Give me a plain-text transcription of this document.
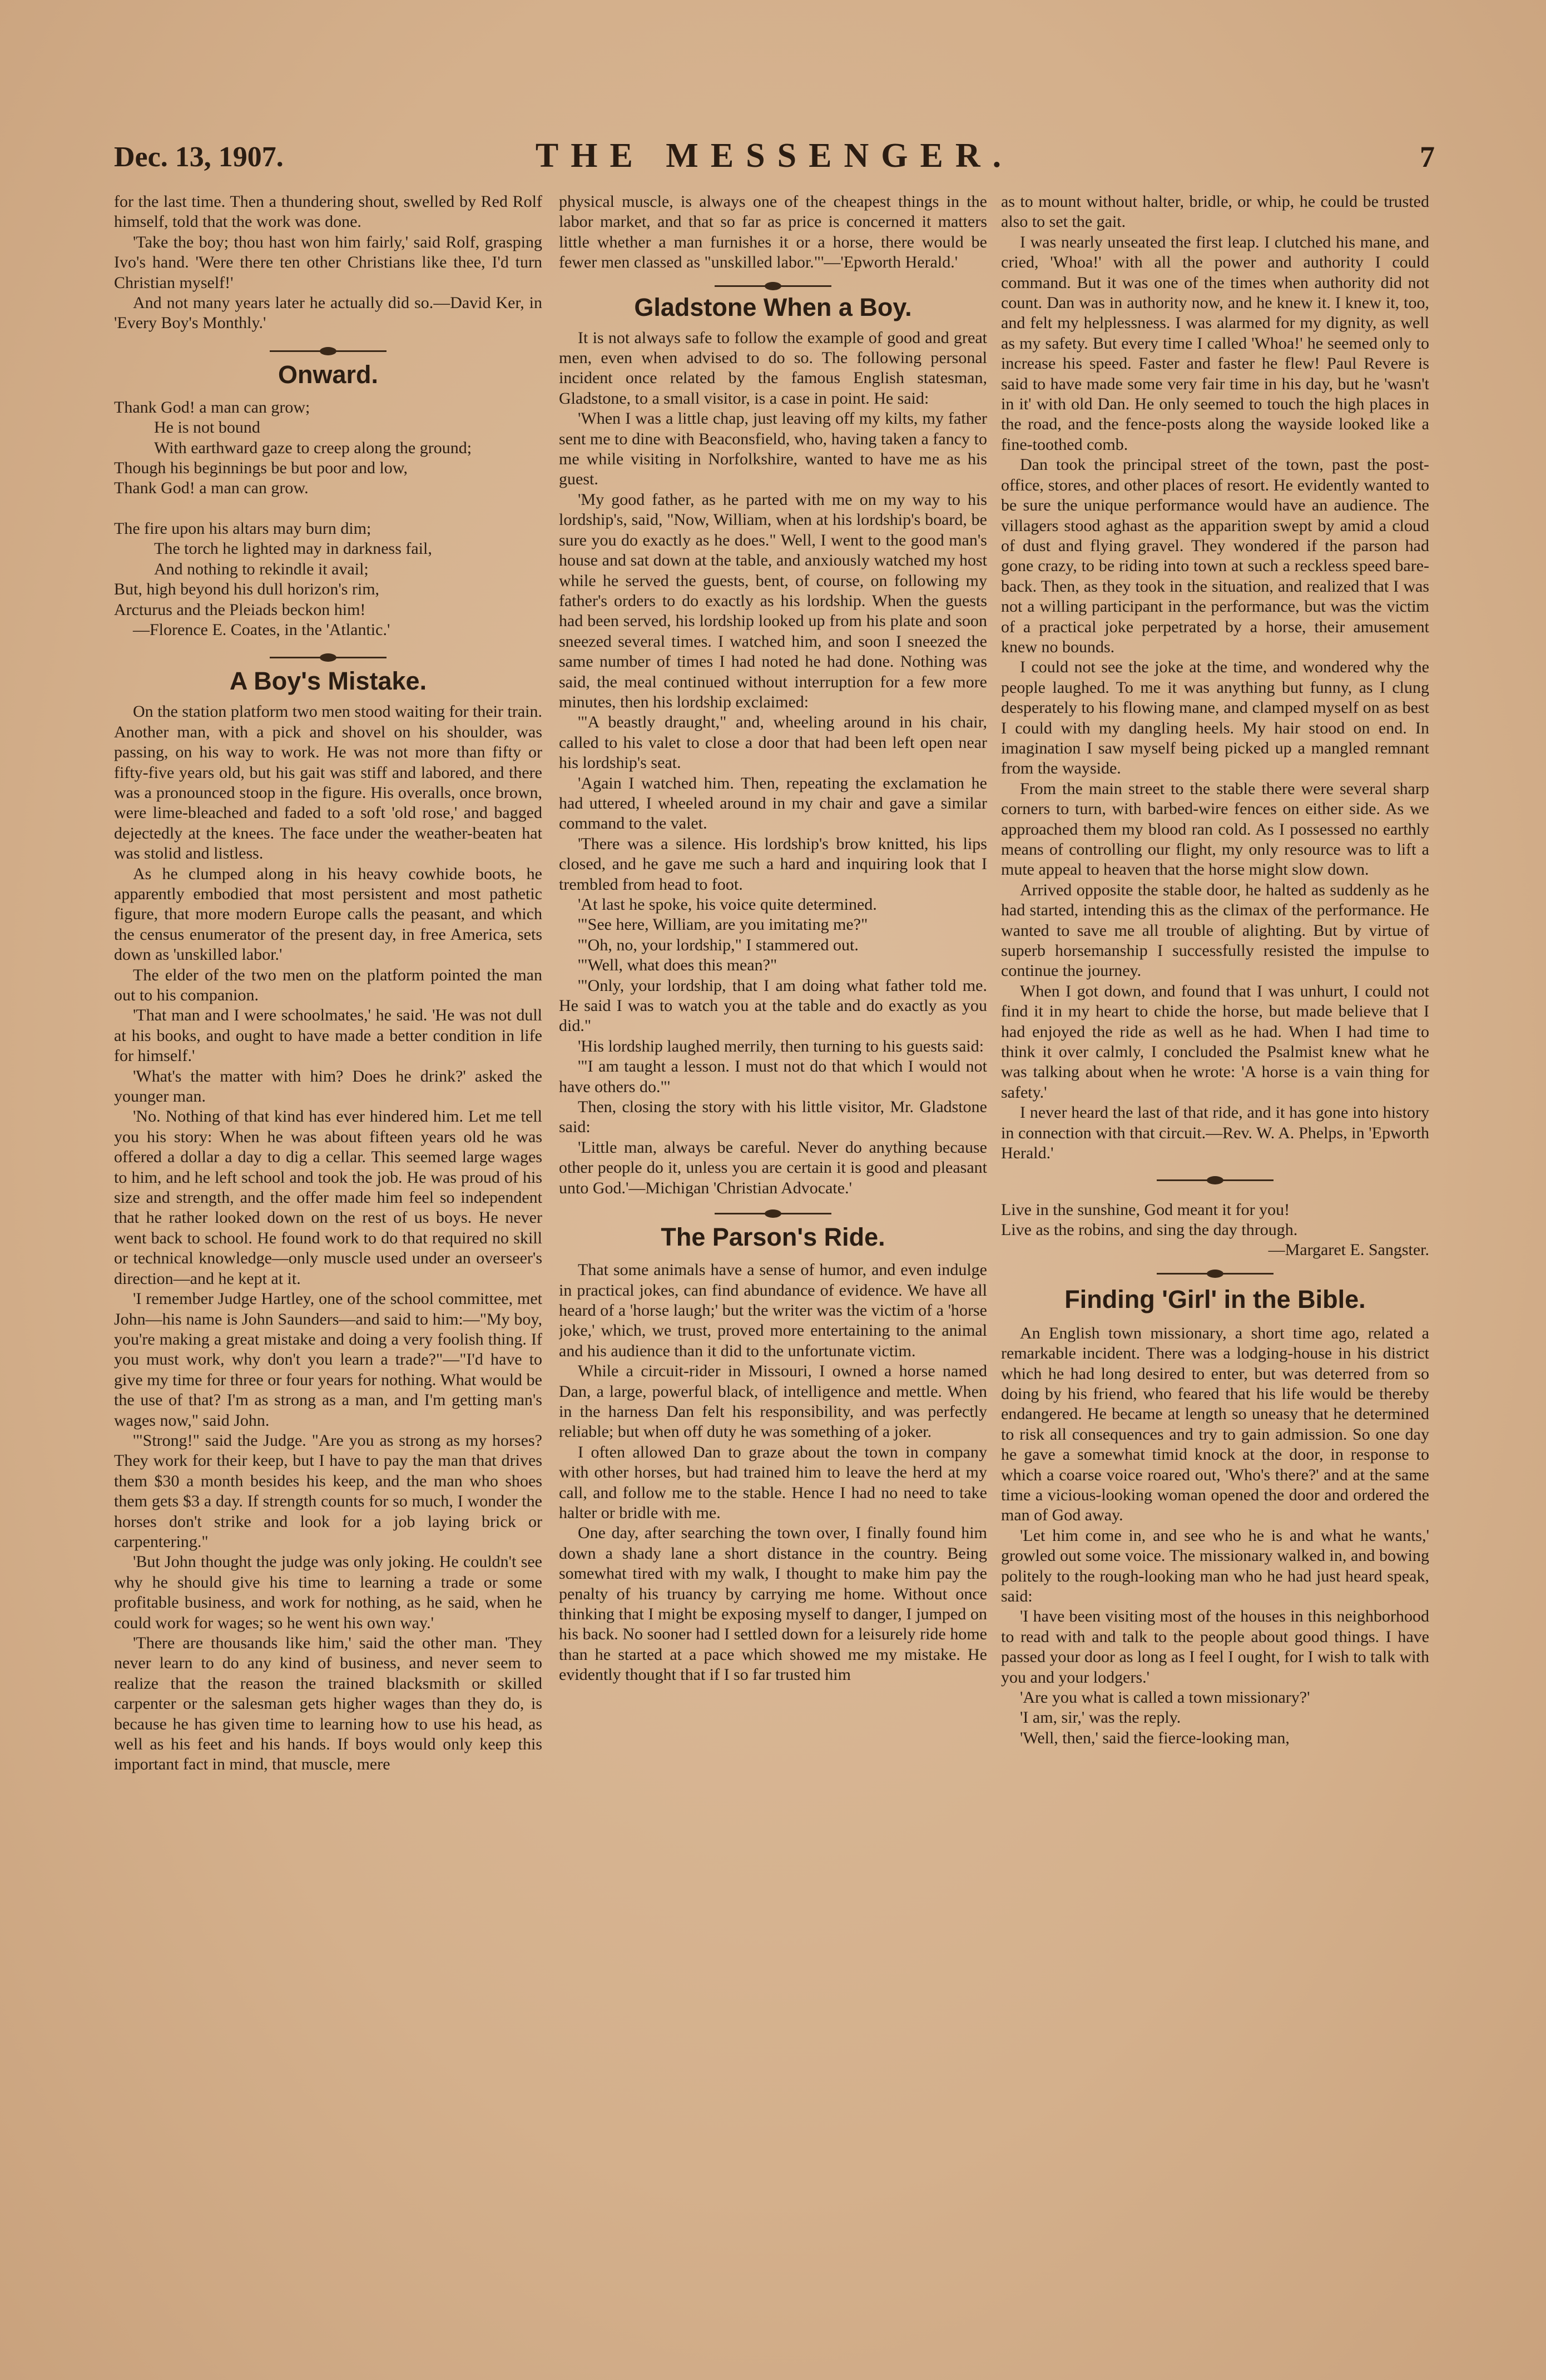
Dec. 13, 1907.	THE MESSENGER.	7

for the last time. Then a thundering shout, swelled by Red Rolf himself, told that the work was done.

'Take the boy; thou hast won him fairly,' said Rolf, grasping Ivo's hand. 'Were there ten other Christians like thee, I'd turn Christian myself!'

And not many years later he actually did so.—David Ker, in 'Every Boy's Monthly.'

Onward.

Thank God! a man can grow;

He is not bound

With earthward gaze to creep along the ground;

Though his beginnings be but poor and low,

Thank God! a man can grow.

The fire upon his altars may burn dim;

The torch he lighted may in darkness fail,

And nothing to rekindle it avail;

But, high beyond his dull horizon's rim,

Arcturus and the Pleiads beckon him!

—Florence E. Coates, in the 'Atlantic.'

A Boy's Mistake.

On the station platform two men stood waiting for their train. Another man, with a pick and shovel on his shoulder, was passing, on his way to work. He was not more than fifty or fifty-five years old, but his gait was stiff and labored, and there was a pronounced stoop in the figure. His overalls, once brown, were lime-bleached and faded to a soft 'old rose,' and bagged dejectedly at the knees. The face under the weather-beaten hat was stolid and listless.

As he clumped along in his heavy cowhide boots, he apparently embodied that most persistent and most pathetic figure, that more modern Europe calls the peasant, and which the census enumerator of the present day, in free America, sets down as 'unskilled labor.'

The elder of the two men on the platform pointed the man out to his companion.

'That man and I were schoolmates,' he said. 'He was not dull at his books, and ought to have made a better condition in life for himself.'

'What's the matter with him? Does he drink?' asked the younger man.

'No. Nothing of that kind has ever hindered him. Let me tell you his story: When he was about fifteen years old he was offered a dollar a day to dig a cellar. This seemed large wages to him, and he left school and took the job. He was proud of his size and strength, and the offer made him feel so independent that he rather looked down on the rest of us boys. He never went back to school. He found work to do that required no skill or technical knowledge—only muscle used under an overseer's direction—and he kept at it.

'I remember Judge Hartley, one of the school committee, met John—his name is John Saunders—and said to him:—"My boy, you're making a great mistake and doing a very foolish thing. If you must work, why don't you learn a trade?"—"I'd have to give my time for three or four years for nothing. What would be the use of that? I'm as strong as a man, and I'm getting man's wages now," said John.

'"Strong!" said the Judge. "Are you as strong as my horses? They work for their keep, but I have to pay the man that drives them $30 a month besides his keep, and the man who shoes them gets $3 a day. If strength counts for so much, I wonder the horses don't strike and look for a job laying brick or carpentering."

'But John thought the judge was only joking. He couldn't see why he should give his time to learning a trade or some profitable business, and work for nothing, as he said, when he could work for wages; so he went his own way.'

'There are thousands like him,' said the other man. 'They never learn to do any kind of business, and never seem to realize that the reason the trained blacksmith or skilled carpenter or the salesman gets higher wages than they do, is because he has given time to learning how to use his head, as well as his feet and his hands. If boys would only keep this important fact in mind, that muscle, mere

physical muscle, is always one of the cheapest things in the labor market, and that so far as price is concerned it matters little whether a man furnishes it or a horse, there would be fewer men classed as "unskilled labor."'—'Epworth Herald.'

Gladstone When a Boy.

It is not always safe to follow the example of good and great men, even when advised to do so. The following personal incident once related by the famous English statesman, Gladstone, to a small visitor, is a case in point. He said:

'When I was a little chap, just leaving off my kilts, my father sent me to dine with Beaconsfield, who, having taken a fancy to me while visiting in Norfolkshire, wanted to have me as his guest.

'My good father, as he parted with me on my way to his lordship's, said, "Now, William, when at his lordship's board, be sure you do exactly as he does." Well, I went to the good man's house and sat down at the table, and anxiously watched my host while he served the guests, bent, of course, on following my father's orders to do exactly as his lordship. When the guests had been served, his lordship looked up from his plate and soon sneezed several times. I watched him, and soon I sneezed the same number of times I had noted he had done. Nothing was said, the meal continued without interruption for a few more minutes, then his lordship exclaimed:

'"A beastly draught," and, wheeling around in his chair, called to his valet to close a door that had been left open near his lordship's seat.

'Again I watched him. Then, repeating the exclamation he had uttered, I wheeled around in my chair and gave a similar command to the valet.

'There was a silence. His lordship's brow knitted, his lips closed, and he gave me such a hard and inquiring look that I trembled from head to foot.

'At last he spoke, his voice quite determined.

'"See here, William, are you imitating me?"

'"Oh, no, your lordship," I stammered out.

'"Well, what does this mean?"

'"Only, your lordship, that I am doing what father told me. He said I was to watch you at the table and do exactly as you did."

'His lordship laughed merrily, then turning to his guests said:

'"I am taught a lesson. I must not do that which I would not have others do."'

Then, closing the story with his little visitor, Mr. Gladstone said:

'Little man, always be careful. Never do anything because other people do it, unless you are certain it is good and pleasant unto God.'—Michigan 'Christian Advocate.'

The Parson's Ride.

That some animals have a sense of humor, and even indulge in practical jokes, can find abundance of evidence. We have all heard of a 'horse laugh;' but the writer was the victim of a 'horse joke,' which, we trust, proved more entertaining to the animal and his audience than it did to the unfortunate victim.

While a circuit-rider in Missouri, I owned a horse named Dan, a large, powerful black, of intelligence and mettle. When in the harness Dan felt his responsibility, and was perfectly reliable; but when off duty he was something of a joker.

I often allowed Dan to graze about the town in company with other horses, but had trained him to leave the herd at my call, and follow me to the stable. Hence I had no need to take halter or bridle with me.

One day, after searching the town over, I finally found him down a shady lane a short distance in the country. Being somewhat tired with my walk, I thought to make him pay the penalty of his truancy by carrying me home. Without once thinking that I might be exposing myself to danger, I jumped on his back. No sooner had I settled down for a leisurely ride home than he started at a pace which showed me my mistake. He evidently thought that if I so far trusted him

as to mount without halter, bridle, or whip, he could be trusted also to set the gait.

I was nearly unseated the first leap. I clutched his mane, and cried, 'Whoa!' with all the power and authority I could command. But it was one of the times when authority did not count. Dan was in authority now, and he knew it. I knew it, too, and felt my helplessness. I was alarmed for my dignity, as well as my safety. But every time I called 'Whoa!' he seemed only to increase his speed. Faster and faster he flew! Paul Revere is said to have made some very fair time in his day, but he 'wasn't in it' with old Dan. He only seemed to touch the high places in the road, and the fence-posts along the wayside looked like a fine-toothed comb.

Dan took the principal street of the town, past the post-office, stores, and other places of resort. He evidently wanted to be sure the unique performance would have an audience. The villagers stood aghast as the apparition swept by amid a cloud of dust and flying gravel. They wondered if the parson had gone crazy, to be riding into town at such a reckless speed bare-back. Then, as they took in the situation, and realized that I was not a willing participant in the performance, but was the victim of a practical joke perpetrated by a horse, their amusement knew no bounds.

I could not see the joke at the time, and wondered why the people laughed. To me it was anything but funny, as I clung desperately to his flowing mane, and clamped myself on as best I could with my dangling heels. My hair stood on end. In imagination I saw myself being picked up a mangled remnant from the wayside.

From the main street to the stable there were several sharp corners to turn, with barbed-wire fences on either side. As we approached them my blood ran cold. As I possessed no earthly means of controlling our flight, my only resource was to lift a mute appeal to heaven that the horse might slow down.

Arrived opposite the stable door, he halted as suddenly as he had started, intending this as the climax of the performance. He wanted to save me all trouble of alighting. But by virtue of superb horsemanship I successfully resisted the impulse to continue the journey.

When I got down, and found that I was unhurt, I could not find it in my heart to chide the horse, but made believe that I had enjoyed the ride as well as he had. When I had time to think it over calmly, I concluded the Psalmist knew what he was talking about when he wrote: 'A horse is a vain thing for safety.'

I never heard the last of that ride, and it has gone into history in connection with that circuit.—Rev. W. A. Phelps, in 'Epworth Herald.'

Live in the sunshine, God meant it for you!

Live as the robins, and sing the day through.

—Margaret E. Sangster.

Finding 'Girl' in the Bible.

An English town missionary, a short time ago, related a remarkable incident. There was a lodging-house in his district which he had long desired to enter, but was deterred from so doing by his friend, who feared that his life would be thereby endangered. He became at length so uneasy that he determined to risk all consequences and try to gain admission. So one day he gave a somewhat timid knock at the door, in response to which a coarse voice roared out, 'Who's there?' and at the same time a vicious-looking woman opened the door and ordered the man of God away.

'Let him come in, and see who he is and what he wants,' growled out some voice. The missionary walked in, and bowing politely to the rough-looking man who he had just heard speak, said:

'I have been visiting most of the houses in this neighborhood to read with and talk to the people about good things. I have passed your door as long as I feel I ought, for I wish to talk with you and your lodgers.'

'Are you what is called a town missionary?'

'I am, sir,' was the reply.

'Well, then,' said the fierce-looking man,
